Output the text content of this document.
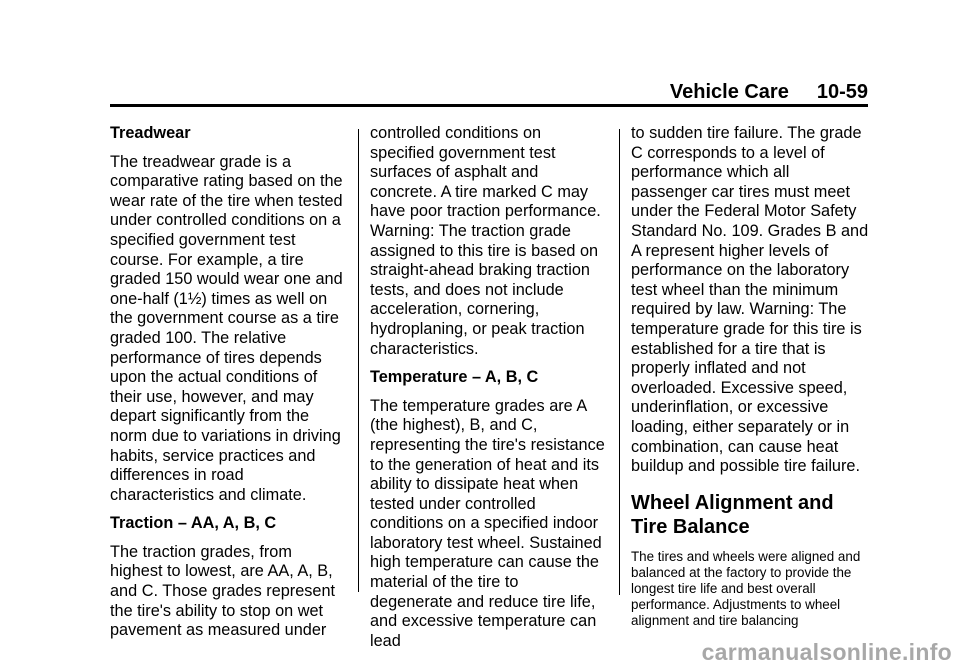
Vehicle Care 10-59

Treadwear

The treadwear grade is a comparative rating based on the wear rate of the tire when tested under controlled conditions on a specified government test course. For example, a tire graded 150 would wear one and one-half (1½) times as well on the government course as a tire graded 100. The relative performance of tires depends upon the actual conditions of their use, however, and may depart significantly from the norm due to variations in driving habits, service practices and differences in road characteristics and climate.

Traction – AA, A, B, C

The traction grades, from highest to lowest, are AA, A, B, and C. Those grades represent the tire's ability to stop on wet pavement as measured under

controlled conditions on specified government test surfaces of asphalt and concrete. A tire marked C may have poor traction performance. Warning: The traction grade assigned to this tire is based on straight-ahead braking traction tests, and does not include acceleration, cornering, hydroplaning, or peak traction characteristics.

Temperature – A, B, C

The temperature grades are A (the highest), B, and C, representing the tire's resistance to the generation of heat and its ability to dissipate heat when tested under controlled conditions on a specified indoor laboratory test wheel. Sustained high temperature can cause the material of the tire to degenerate and reduce tire life, and excessive temperature can lead

to sudden tire failure. The grade C corresponds to a level of performance which all passenger car tires must meet under the Federal Motor Safety Standard No. 109. Grades B and A represent higher levels of performance on the laboratory test wheel than the minimum required by law. Warning: The temperature grade for this tire is established for a tire that is properly inflated and not overloaded. Excessive speed, underinflation, or excessive loading, either separately or in combination, can cause heat buildup and possible tire failure.

Wheel Alignment and Tire Balance

The tires and wheels were aligned and balanced at the factory to provide the longest tire life and best overall performance. Adjustments to wheel alignment and tire balancing

carmanualsonline.info
